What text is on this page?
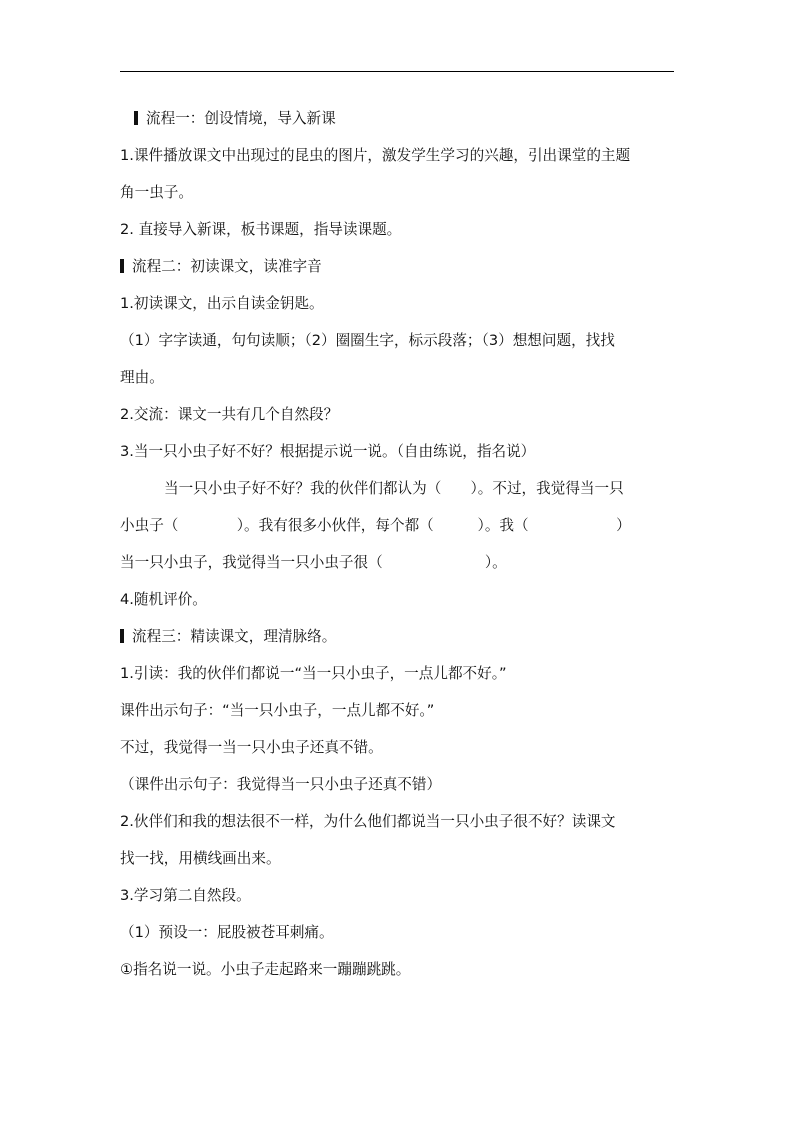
流程一：创设情境，导入新课
1.课件播放课文中出现过的昆虫的图片，激发学生学习的兴趣，引出课堂的主题
角一虫子。
2. 直接导入新课，板书课题，指导读课题。
流程二：初读课文，读准字音
1.初读课文，出示自读金钥匙。
（1）字字读通，句句读顺；（2）圈圈生字，标示段落；（3）想想问题，找找
理由。
2.交流：课文一共有几个自然段？
3.当一只小虫子好不好？根据提示说一说。（自由练说，指名说）
当一只小虫子好不好？我的伙伴们都认为（　　）。不过，我觉得当一只
小虫子（　　　　）。我有很多小伙伴，每个都（　　　）。我（　　　　　　）
当一只小虫子，我觉得当一只小虫子很（　　　　　　　）。
4.随机评价。
流程三：精读课文，理清脉络。
1.引读：我的伙伴们都说一“当一只小虫子，一点儿都不好。”
课件出示句子：“当一只小虫子，一点儿都不好。”
不过，我觉得一当一只小虫子还真不错。
（课件出示句子：我觉得当一只小虫子还真不错）
2.伙伴们和我的想法很不一样，为什么他们都说当一只小虫子很不好？读课文
找一找，用横线画出来。
3.学习第二自然段。
（1）预设一：屁股被苍耳刺痛。
①指名说一说。小虫子走起路来一蹦蹦跳跳。
